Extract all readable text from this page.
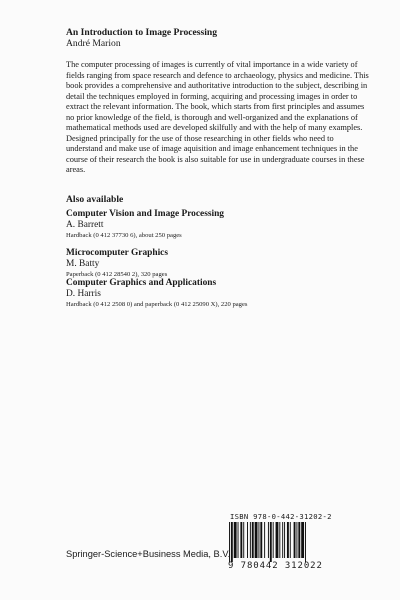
An Introduction to Image Processing
André Marion
The computer processing of images is currently of vital importance in a wide variety of
fields ranging from space research and defence to archaeology, physics and medicine. This
book provides a comprehensive and authoritative introduction to the subject, describing in
detail the techniques employed in forming, acquiring and processing images in order to
extract the relevant information. The book, which starts from first principles and assumes
no prior knowledge of the field, is thorough and well-organized and the explanations of
mathematical methods used are developed skilfully and with the help of many examples.
Designed principally for the use of those researching in other fields who need to
understand and make use of image aquisition and image enhancement techniques in the
course of their research the book is also suitable for use in undergraduate courses in these
areas.
Also available
Computer Vision and Image Processing
A. Barrett
Hardback (0 412 37730 6), about 250 pages
Microcomputer Graphics
M. Batty
Paperback (0 412 28540 2), 320 pages
Computer Graphics and Applications
D. Harris
Hardback (0 412 2508 0) and paperback (0 412 25090 X), 220 pages
ISBN 978-0-442-31202-2
9 780442 312022
Springer-Science+Business Media, B.V.
